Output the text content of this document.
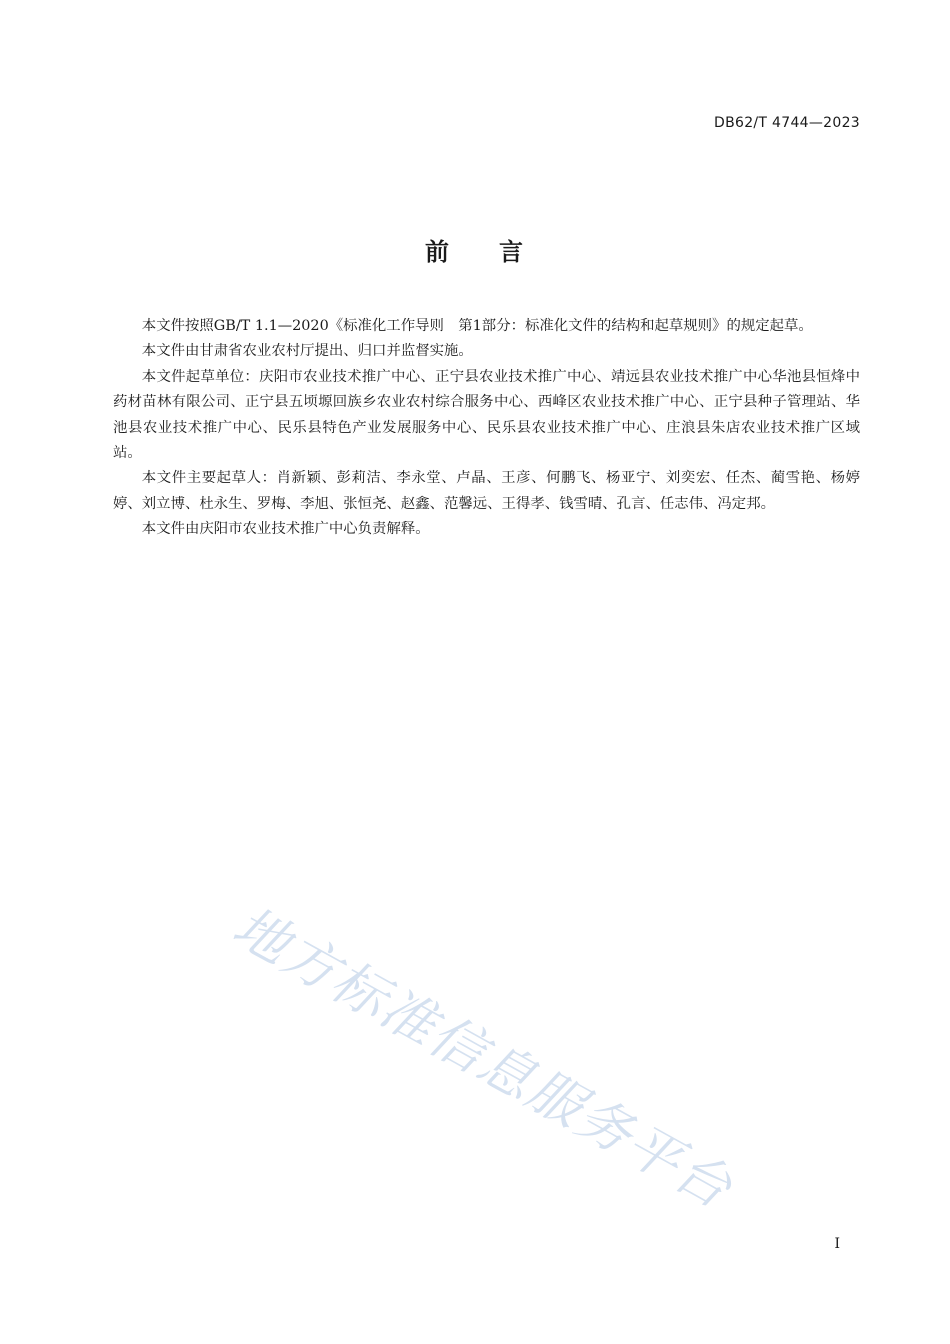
DB62/T 4744—2023
前 言

本文件按照GB/T 1.1—2020《标准化工作导则　第1部分：标准化文件的结构和起草规则》的规定起草。

本文件由甘肃省农业农村厅提出、归口并监督实施。

本文件起草单位：庆阳市农业技术推广中心、正宁县农业技术推广中心、靖远县农业技术推广中心华池县恒烽中药材苗林有限公司、正宁县五顷塬回族乡农业农村综合服务中心、西峰区农业技术推广中心、正宁县种子管理站、华池县农业技术推广中心、民乐县特色产业发展服务中心、民乐县农业技术推广中心、庄浪县朱店农业技术推广区域站。

本文件主要起草人：肖新颖、彭莉洁、李永堂、卢晶、王彦、何鹏飞、杨亚宁、刘奕宏、任杰、蔺雪艳、杨婷婷、刘立博、杜永生、罗梅、李旭、张恒尧、赵鑫、范馨远、王得孝、钱雪晴、孔言、任志伟、冯定邦。

本文件由庆阳市农业技术推广中心负责解释。

地方标准信息服务平台
I
